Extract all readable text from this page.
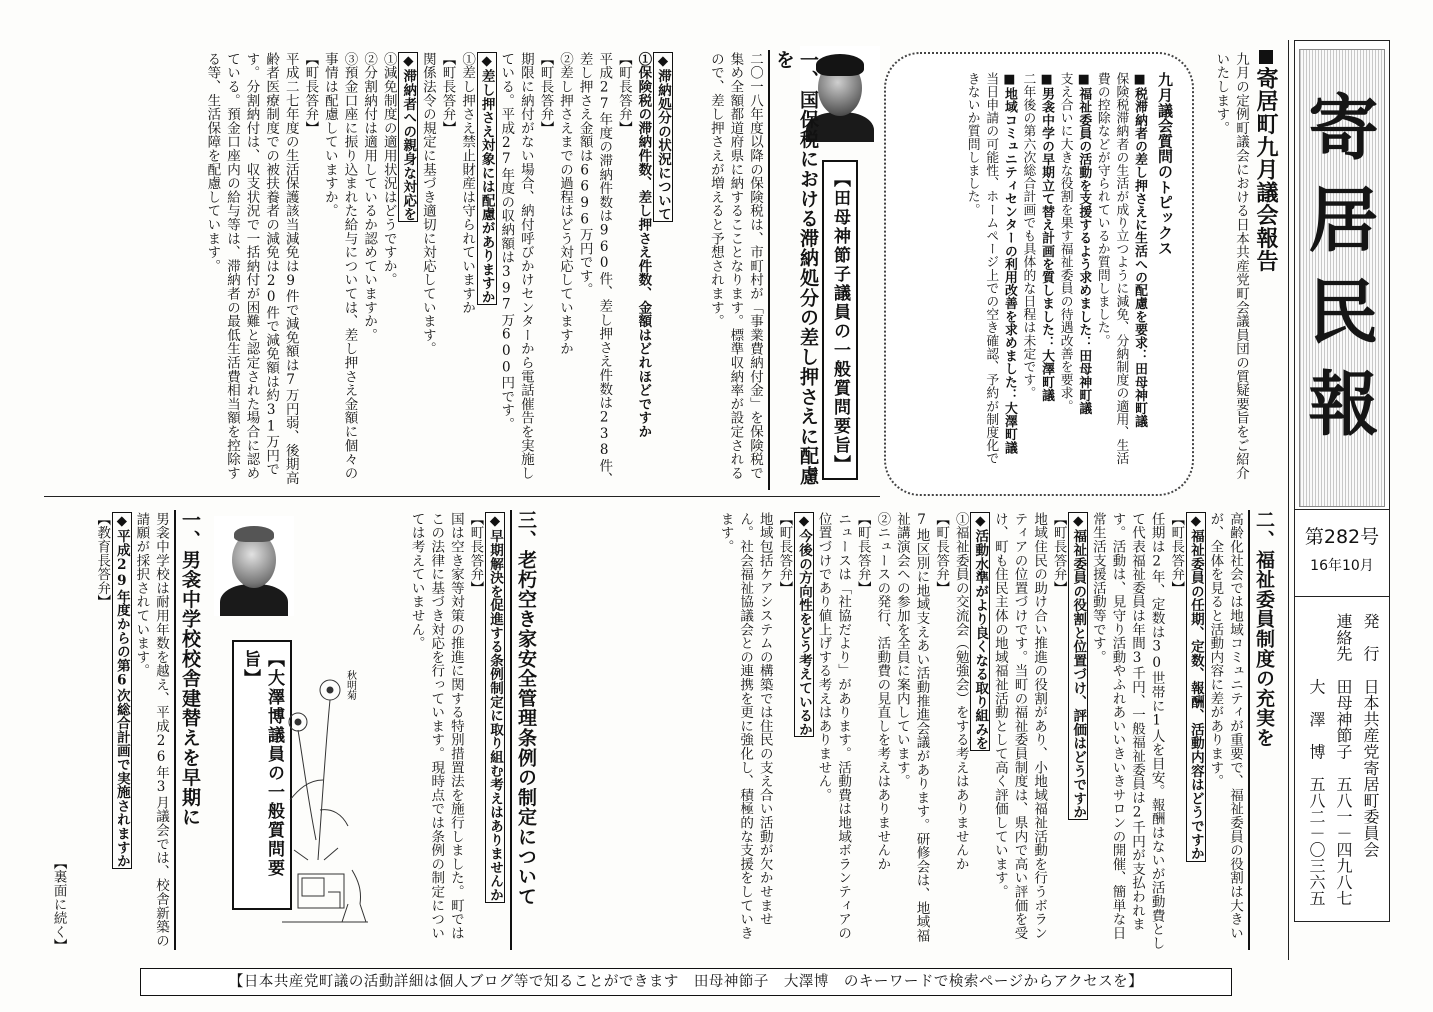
寄居民報
第282号
16年10月
発　行　日本共産党寄居町委員会
連絡先　田母神節子　五八一－四九八七
　　　　大　澤　博　五八二－〇三六五
寄居町九月議会報告
九月の定例町議会における日本共産党町会議員団の質疑要旨をご紹介いたします。
九月議会質問のトピックス
■税滞納者の差し押さえに生活への配慮を要求：田母神町議
保険税滞納者の生活が成り立つように減免、分納制度の適用、生活費の控除などが守られているか質問しました。
■福祉委員の活動を支援するよう求めました：田母神町議
支え合いに大きな役割を果す福祉委員の待遇改善を要求。
■男衾中学の早期立て替え計画を質しました：大澤町議
二年後の第六次総合計画でも具体的な日程は未定です。
■地域コミュニティセンターの利用改善を求めました：大澤町議
当日申請の可能性、ホームページ上での空き確認、予約が制度化できないか質問しました。
【田母神節子議員の一般質問要旨】
一、国保税における滞納処分の差し押さえに配慮を
二〇一八年度以降の保険税は、市町村が「事業費納付金」を保険税で集め全額都道府県に納するこことなります。標準収納率が設定されるので、差し押さえが増えると予想されます。
◆滞納処分の状況について
①保険税の滞納件数、差し押さえ件数、金額はどれほどですか
【町長答弁】
平成27年度の滞納件数は960件、差し押さえ件数は238件、差し押さえ金額は6696万円です。
②差し押さえまでの過程はどう対応していますか
【町長答弁】
期限に納付がない場合、納付呼びかけセンターから電話催告を実施している。平成27年度の収納額は397万600円です。
◆差し押さえ対象には配慮がありますか
①差し押さえ禁止財産は守られていますか
【町長答弁】
関係法令の規定に基づき適切に対応しています。
◆滞納者への親身な対応を
①減免制度の適用状況はどうですか。
②分割納付は適用しているか認めていますか。
③預金口座に振り込まれた給与については、差し押さえ金額に個々の事情は配慮していますか。
【町長答弁】
平成二七年度の生活保護該当減免は9件で減免額は7万円弱、後期高齢者医療制度での被扶養者の減免は20件で減免額は約31万円です。分割納付は、収支状況で一括納付が困難と認定された場合に認めている。預金口座内の給与等は、滞納者の最低生活費相当額を控除する等、生活保障を配慮しています。
二、福祉委員制度の充実を
高齢化社会では地域コミュニティが重要で、福祉委員の役割は大きいが、全体を見ると活動内容に差があります。
◆福祉委員の任期、定数、報酬、活動内容はどうですか
【町長答弁】
任期は2年、定数は30世帯に1人を目安。報酬はないが活動費として代表福祉委員は年間3千円、一般福祉委員は2千円が支払われます。活動は、見守り活動やふれあいいきいきサロンの開催、簡単な日常生活支援活動等です。
◆福祉委員の役割と位置づけ、評価はどうですか
【町長答弁】
地域住民の助け合い推進の役割があり、小地域福祉活動を行うボランティアの位置づけです。当町の福祉委員制度は、県内で高い評価を受け、町も住民主体の地域福祉活動として高く評価しています。
◆活動水準がより良くなる取り組みを
①福祉委員の交流会（勉強会）をする考えはありませんか
【町長答弁】
7地区別に地域支えあい活動推進会議があります。研修会は、地域福祉講演会への参加を全員に案内しています。
②ニュースの発行、活動費の見直しを考えはありませんか
【町長答弁】
ニュースは「社協だより」があります。活動費は地域ボランティアの位置づけであり値上げする考えはありません。
◆今後の方向性をどう考えているか
【町長答弁】
地域包括ケアシステムの構築では住民の支え合い活動が欠かせません。社会福祉協議会との連携を更に強化し、積極的な支援をしていきます。
三、老朽空き家安全管理条例の制定について
◆早期解決を促進する条例制定に取り組む考えはありませんか
【町長答弁】
国は空き家等対策の推進に関する特別措置法を施行しました。町ではこの法律に基づき対応を行っています。現時点では条例の制定については考えていません。
【大澤博議員の一般質問要旨】	秋明菊
一、男衾中学校校舎建替えを早期に
男衾中学校は耐用年数を越え、平成26年3月議会では、校舎新築の請願が採択されています。
◆平成29年度からの第6次総合計画で実施されますか
【教育長答弁】
【裏面に続く】
【日本共産党町議の活動詳細は個人ブログ等で知ることができます　田母神節子　大澤博　のキーワードで検索ページからアクセスを】
